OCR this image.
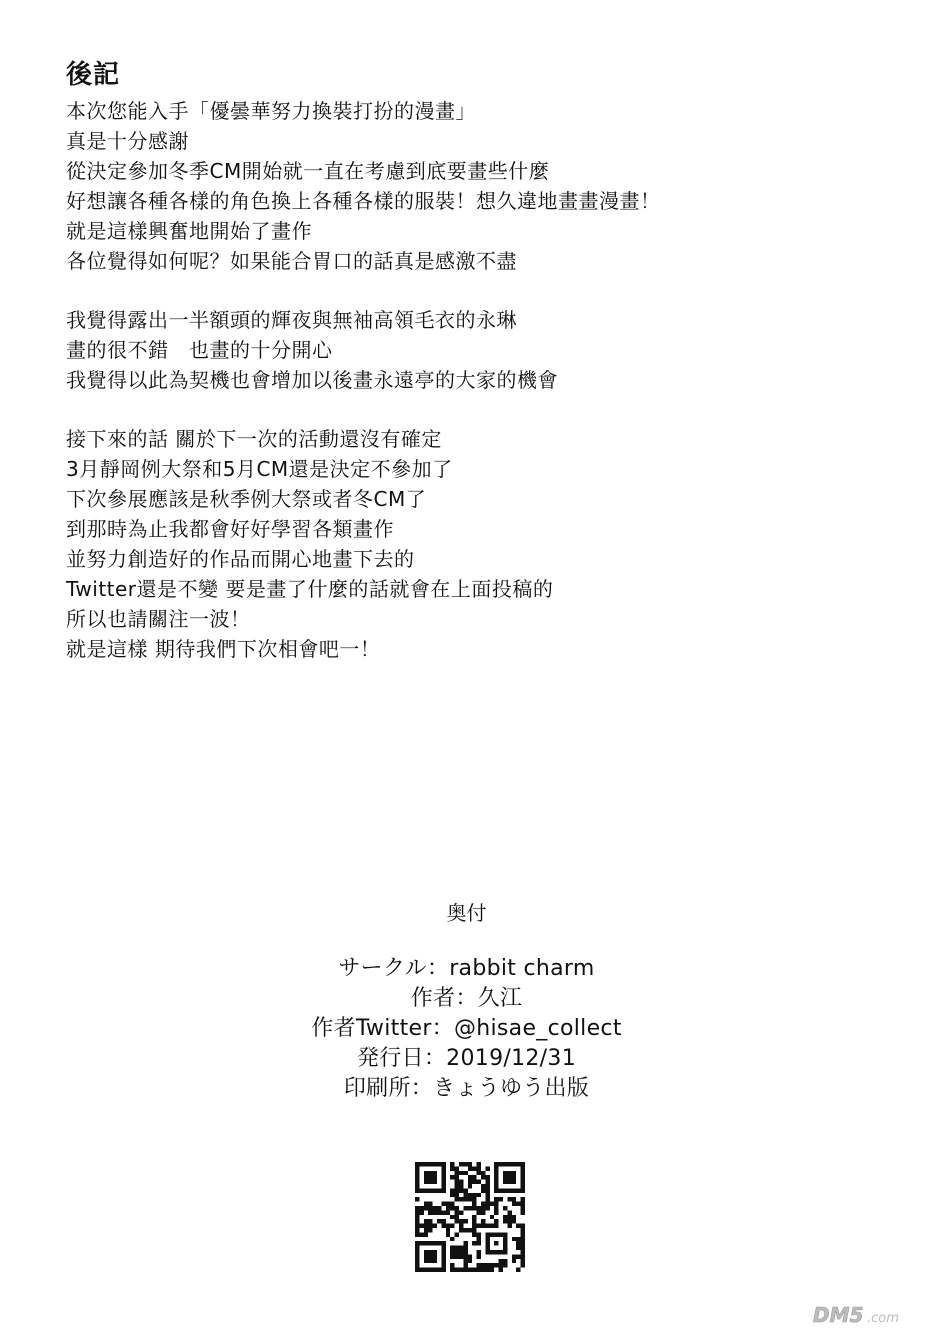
後記
本次您能入手「優曇華努力換裝打扮的漫畫」
真是十分感謝
從決定參加冬季CM開始就一直在考慮到底要畫些什麼
好想讓各種各樣的角色換上各種各樣的服裝！想久違地畫畫漫畫！
就是這樣興奮地開始了畫作
各位覺得如何呢？如果能合胃口的話真是感激不盡
我覺得露出一半額頭的輝夜與無袖高領毛衣的永琳
畫的很不錯　也畫的十分開心
我覺得以此為契機也會增加以後畫永遠亭的大家的機會
接下來的話 關於下一次的活動還沒有確定
3月靜岡例大祭和5月CM還是決定不參加了
下次參展應該是秋季例大祭或者冬CM了
到那時為止我都會好好學習各類畫作
並努力創造好的作品而開心地畫下去的
Twitter還是不變 要是畫了什麼的話就會在上面投稿的
所以也請關注一波！
就是這樣 期待我們下次相會吧一！
奥付
サークル：rabbit charm
作者：久江
作者Twitter：@hisae_collect
発行日：2019/12/31
印刷所：きょうゆう出版
DM5 .com
